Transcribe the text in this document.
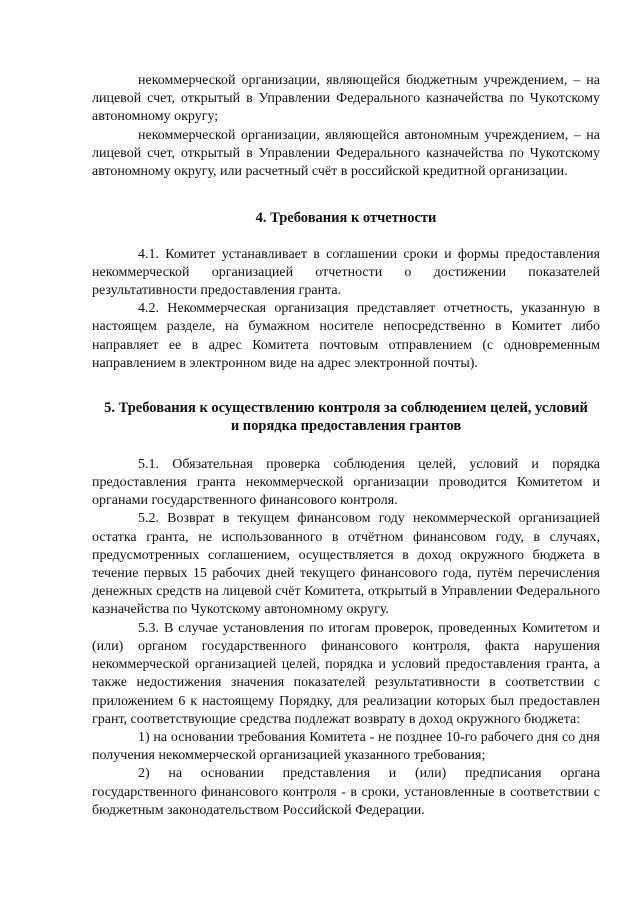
некоммерческой организации, являющейся бюджетным учреждением, – на лицевой счет, открытый в Управлении Федерального казначейства по Чукотскому автономному округу;

некоммерческой организации, являющейся автономным учреждением, – на лицевой счет, открытый в Управлении Федерального казначейства по Чукотскому автономному округу, или расчетный счёт в российской кредитной организации.

4. Требования к отчетности

4.1. Комитет устанавливает в соглашении сроки и формы предоставления некоммерческой организацией отчетности о достижении показателей результативности предоставления гранта.

4.2. Некоммерческая организация представляет отчетность, указанную в настоящем разделе, на бумажном носителе непосредственно в Комитет либо направляет ее в адрес Комитета почтовым отправлением (с одновременным направлением в электронном виде на адрес электронной почты).

5. Требования к осуществлению контроля за соблюдением целей, условий
и порядка предоставления грантов

5.1. Обязательная проверка соблюдения целей, условий и порядка предоставления гранта некоммерческой организации проводится Комитетом и органами государственного финансового контроля.

5.2. Возврат в текущем финансовом году некоммерческой организацией остатка гранта, не использованного в отчётном финансовом году, в случаях, предусмотренных соглашением, осуществляется в доход окружного бюджета в течение первых 15 рабочих дней текущего финансового года, путём перечисления денежных средств на лицевой счёт Комитета, открытый в Управлении Федерального казначейства по Чукотскому автономному округу.

5.3. В случае установления по итогам проверок, проведенных Комитетом и (или) органом государственного финансового контроля, факта нарушения некоммерческой организацией целей, порядка и условий предоставления гранта, а также недостижения значения показателей результативности в соответствии с приложением 6 к настоящему Порядку, для реализации которых был предоставлен грант, соответствующие средства подлежат возврату в доход окружного бюджета:

1) на основании требования Комитета - не позднее 10-го рабочего дня со дня получения некоммерческой организацией указанного требования;

2) на основании представления и (или) предписания органа государственного финансового контроля - в сроки, установленные в соответствии с бюджетным законодательством Российской Федерации.
